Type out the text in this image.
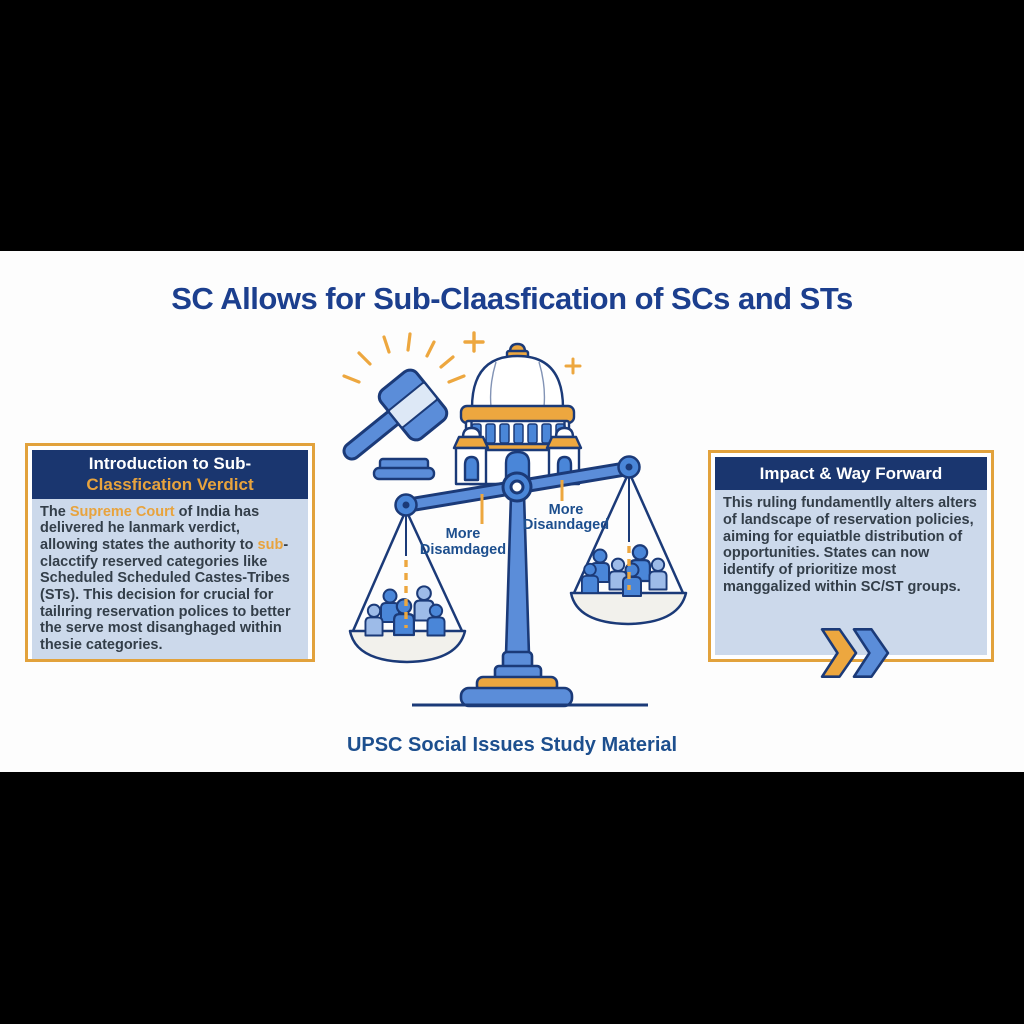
SC Allows for Sub-Claasfication of SCs and STs
Introduction to Sub-
Classfication Verdict
The Supreme Court of India has delivered he lanmark verdict, allowing states the authority to sub-clacctify reserved categories like Scheduled Scheduled Castes-Tribes (STs). This decision for crucial for tailıring reservation polices to better the serve most disanghaged within thesie categories.
Impact & Way Forward
This ruling fundamentlly alters alters of landscape of reservation policies, aiming for equiatble distribution of opportunities. States can now identify of prioritize most manggalized within SC/ST groups.
More
Disamdaged
More
Disaındaged
UPSC Social Issues Study Material
